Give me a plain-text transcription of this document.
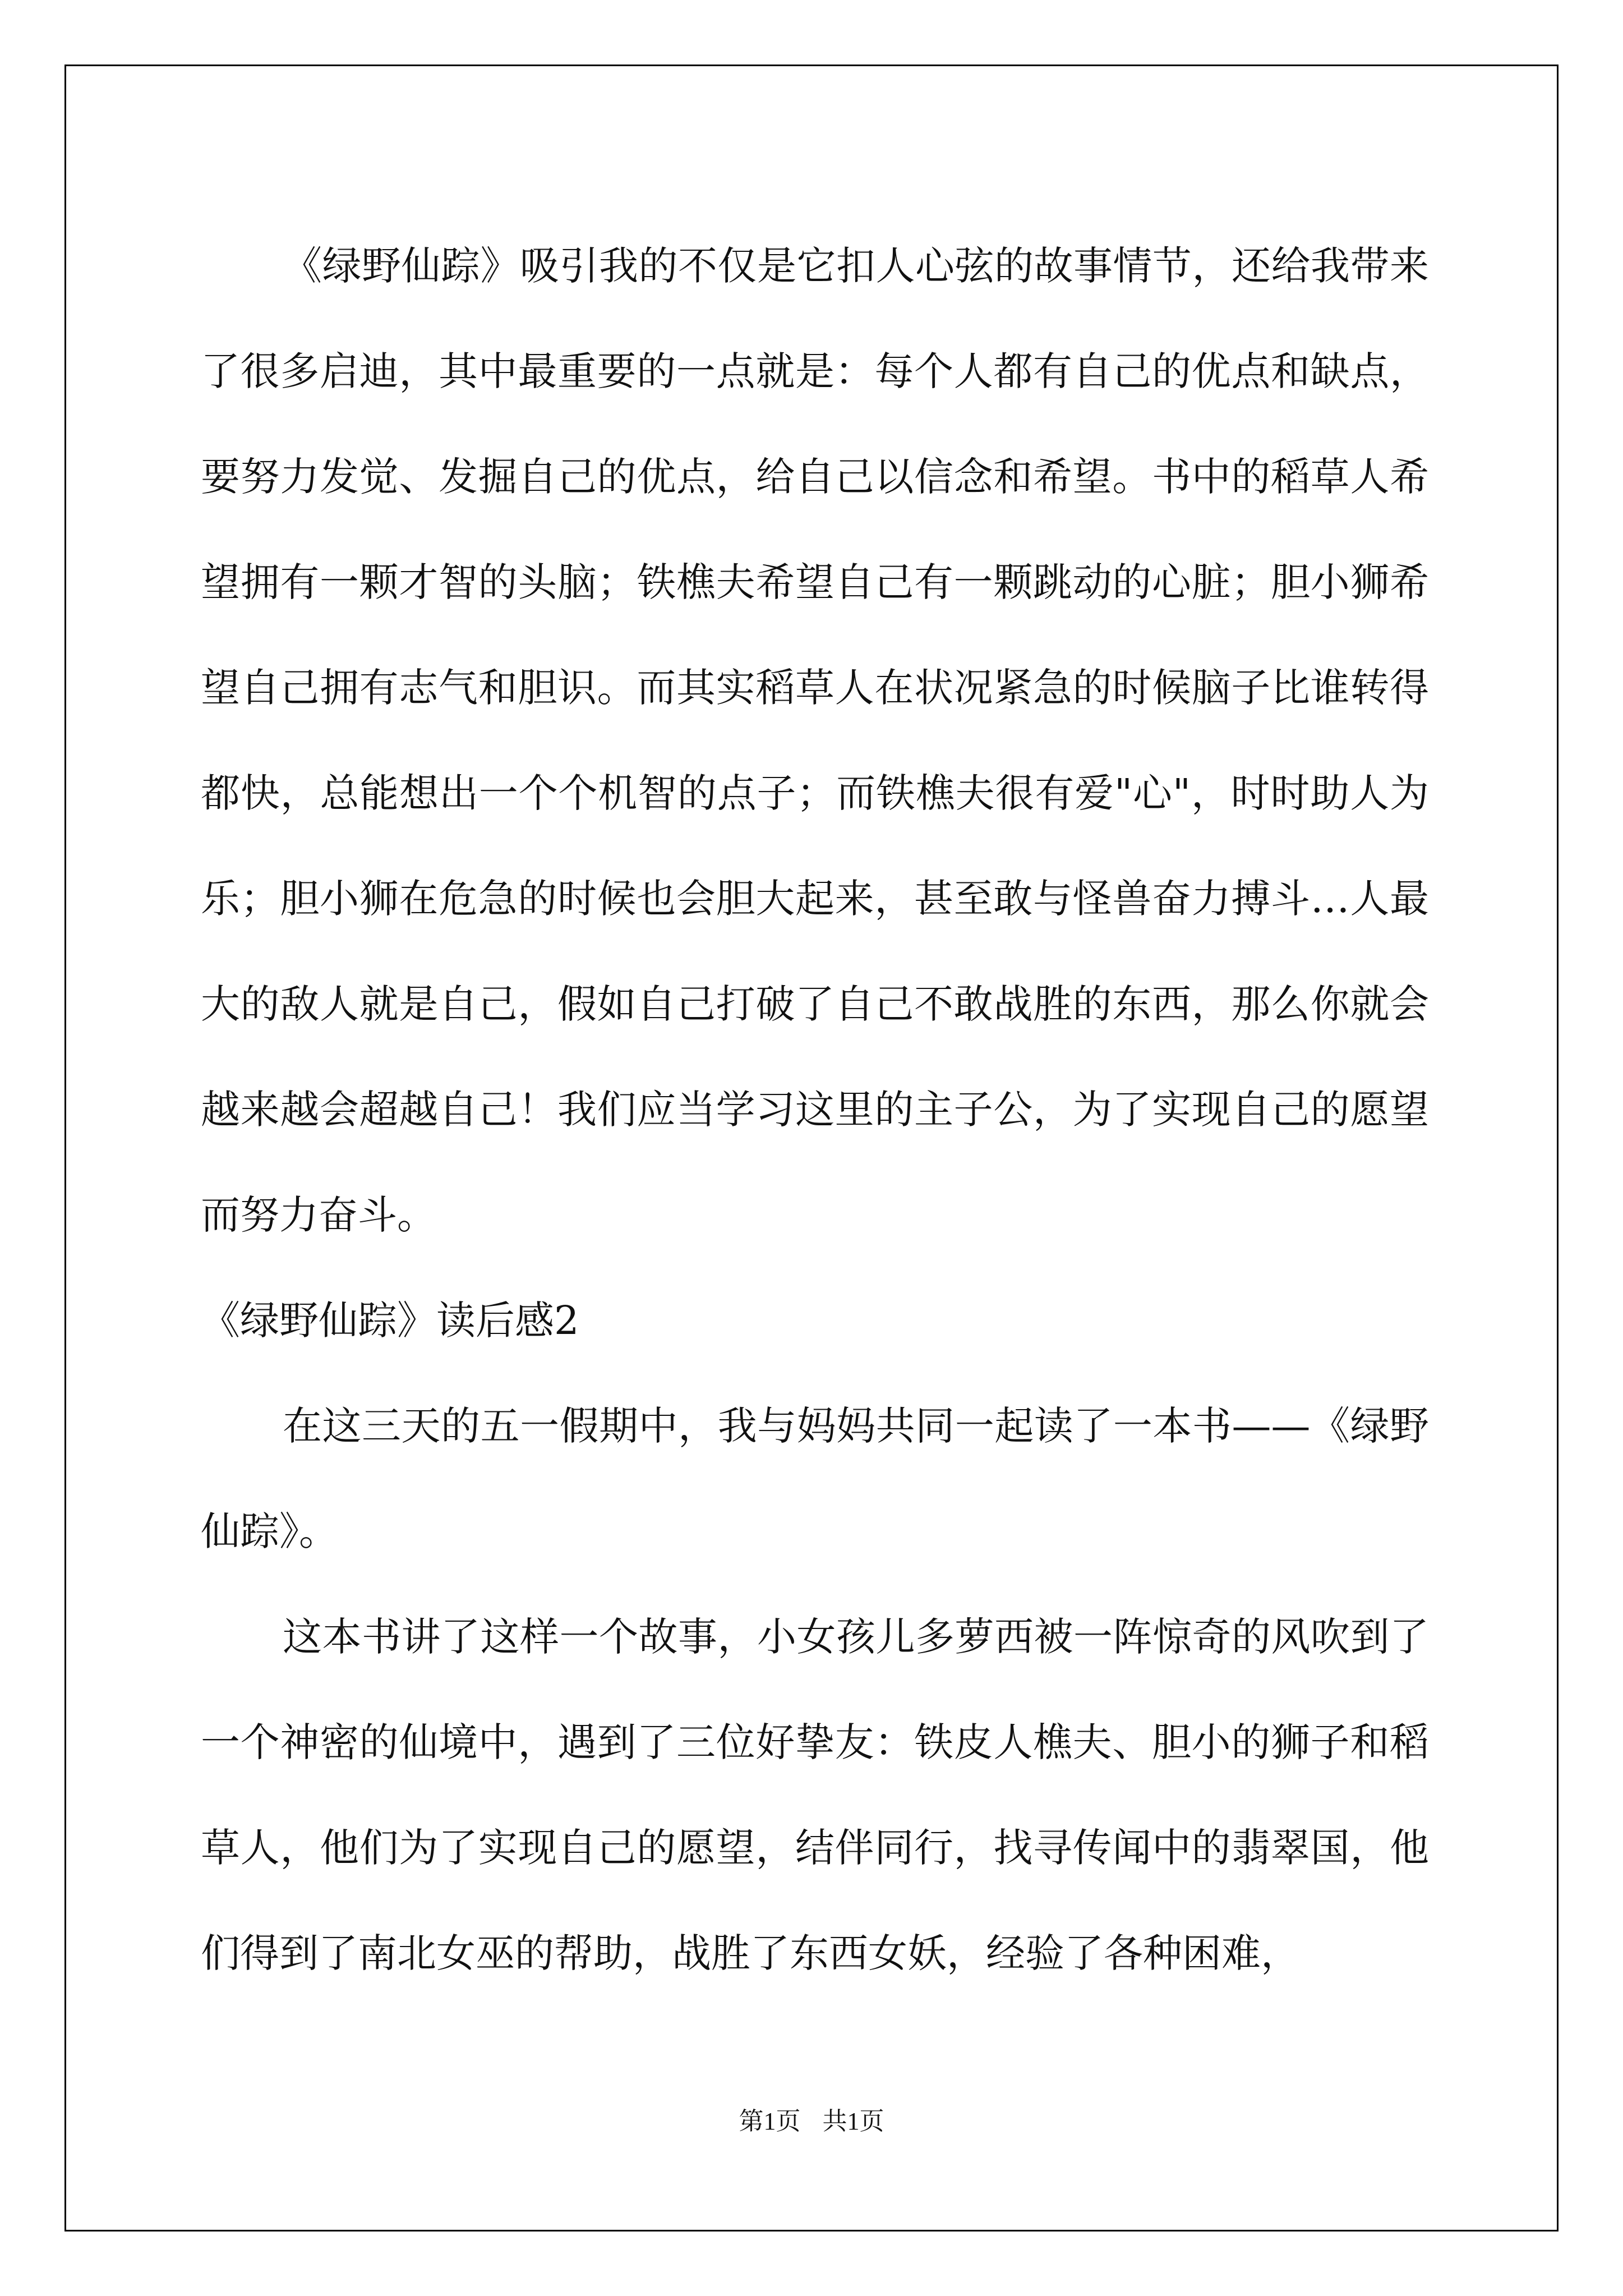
《绿野仙踪》吸引我的不仅是它扣人心弦的故事情节，还给我带来了很多启迪，其中最重要的一点就是：每个人都有自己的优点和缺点，要努力发觉、发掘自己的优点，给自己以信念和希望。书中的稻草人希望拥有一颗才智的头脑；铁樵夫希望自己有一颗跳动的心脏；胆小狮希望自己拥有志气和胆识。而其实稻草人在状况紧急的时候脑子比谁转得都快，总能想出一个个机智的点子；而铁樵夫很有爱"心"，时时助人为乐；胆小狮在危急的时候也会胆大起来，甚至敢与怪兽奋力搏斗…人最大的敌人就是自己，假如自己打破了自己不敢战胜的东西，那么你就会越来越会超越自己！我们应当学习这里的主子公，为了实现自己的愿望而努力奋斗。

《绿野仙踪》读后感2

在这三天的五一假期中，我与妈妈共同一起读了一本书——《绿野仙踪》。

这本书讲了这样一个故事，小女孩儿多萝西被一阵惊奇的风吹到了一个神密的仙境中，遇到了三位好挚友：铁皮人樵夫、胆小的狮子和稻草人，他们为了实现自己的愿望，结伴同行，找寻传闻中的翡翠国，他们得到了南北女巫的帮助，战胜了东西女妖，经验了各种困难，

第1页 共1页
